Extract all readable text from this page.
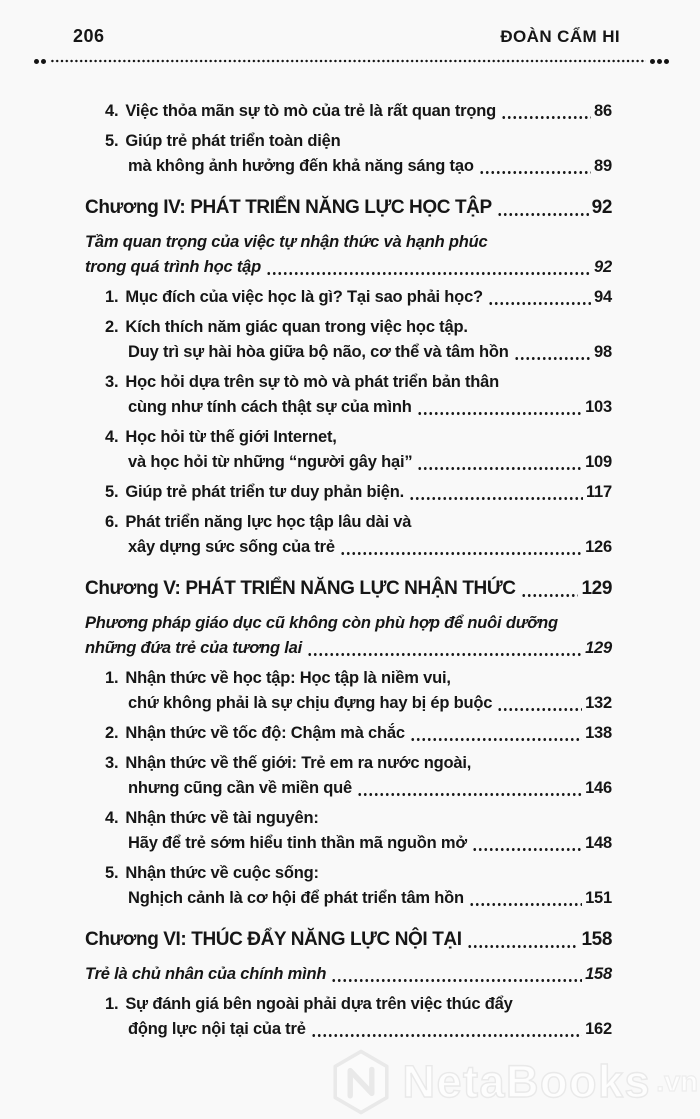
206	ĐOÀN CẨM HI
4. Việc thỏa mãn sự tò mò của trẻ là rất quan trọng	86
5. Giúp trẻ phát triển toàn diện
mà không ảnh hưởng đến khả năng sáng tạo	89
Chương IV: PHÁT TRIỂN NĂNG LỰC HỌC TẬP	92
Tầm quan trọng của việc tự nhận thức và hạnh phúc
trong quá trình học tập	92
1. Mục đích của việc học là gì? Tại sao phải học?	94
2. Kích thích năm giác quan trong việc học tập.
Duy trì sự hài hòa giữa bộ não, cơ thể và tâm hồn	98
3. Học hỏi dựa trên sự tò mò và phát triển bản thân
cùng như tính cách thật sự của mình	103
4. Học hỏi từ thế giới Internet,
và học hỏi từ những “người gây hại”	109
5. Giúp trẻ phát triển tư duy phản biện.	117
6. Phát triển năng lực học tập lâu dài và
xây dựng sức sống của trẻ	126
Chương V: PHÁT TRIỂN NĂNG LỰC NHẬN THỨC	129
Phương pháp giáo dục cũ không còn phù hợp để nuôi dưỡng
những đứa trẻ của tương lai	129
1. Nhận thức về học tập: Học tập là niềm vui,
chứ không phải là sự chịu đựng hay bị ép buộc	132
2. Nhận thức về tốc độ: Chậm mà chắc	138
3. Nhận thức về thế giới: Trẻ em ra nước ngoài,
nhưng cũng cần về miền quê	146
4. Nhận thức về tài nguyên:
Hãy để trẻ sớm hiểu tinh thần mã nguồn mở	148
5. Nhận thức về cuộc sống:
Nghịch cảnh là cơ hội để phát triển tâm hồn	151
Chương VI: THÚC ĐẨY NĂNG LỰC NỘI TẠI	158
Trẻ là chủ nhân của chính mình	158
1. Sự đánh giá bên ngoài phải dựa trên việc thúc đẩy
động lực nội tại của trẻ	162
NetaBooks .vn
